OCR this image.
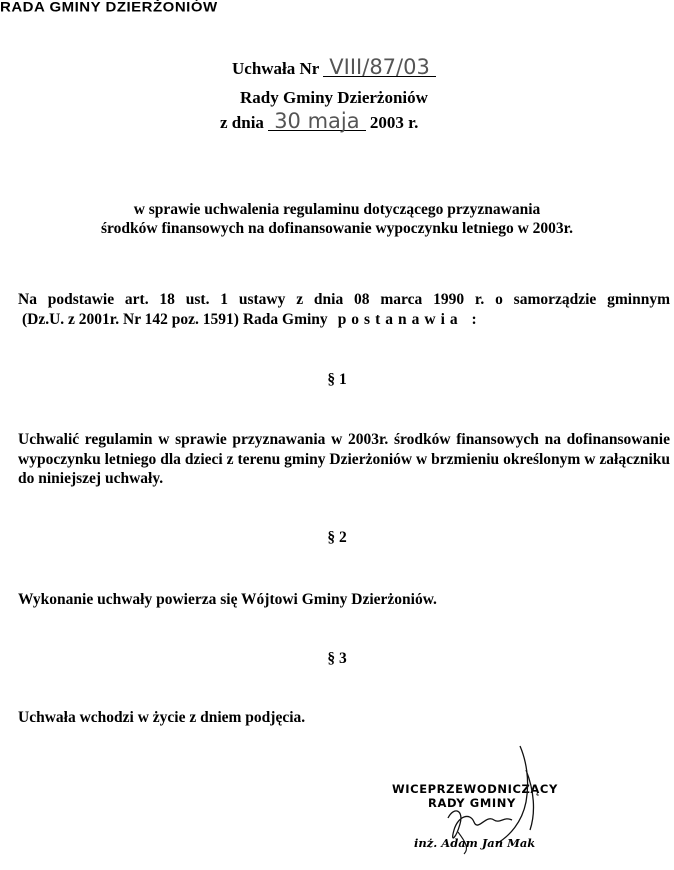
RADA GMINY DZIERŻONIÓW
Uchwała Nr VIII/87/03
Rady Gminy Dzierżoniów
z dnia 30 maja 2003 r.
w sprawie uchwalenia regulaminu dotyczącego przyznawania
środków finansowych na dofinansowanie wypoczynku letniego w 2003r.
Na podstawie art. 18 ust. 1 ustawy z dnia 08 marca 1990 r. o samorządzie gminnym
(Dz.U. z 2001r. Nr 142 poz. 1591) Rada Gminy postanawia :
§ 1
Uchwalić regulamin w sprawie przyznawania w 2003r. środków finansowych na dofinansowanie wypoczynku letniego dla dzieci z terenu gminy Dzierżoniów w brzmieniu określonym w załączniku do niniejszej uchwały.
§ 2
Wykonanie uchwały powierza się Wójtowi Gminy Dzierżoniów.
§ 3
Uchwała wchodzi w życie z dniem podjęcia.
WICEPRZEWODNICZĄCY
RADY GMINY
inż. Adam Jan Mak
